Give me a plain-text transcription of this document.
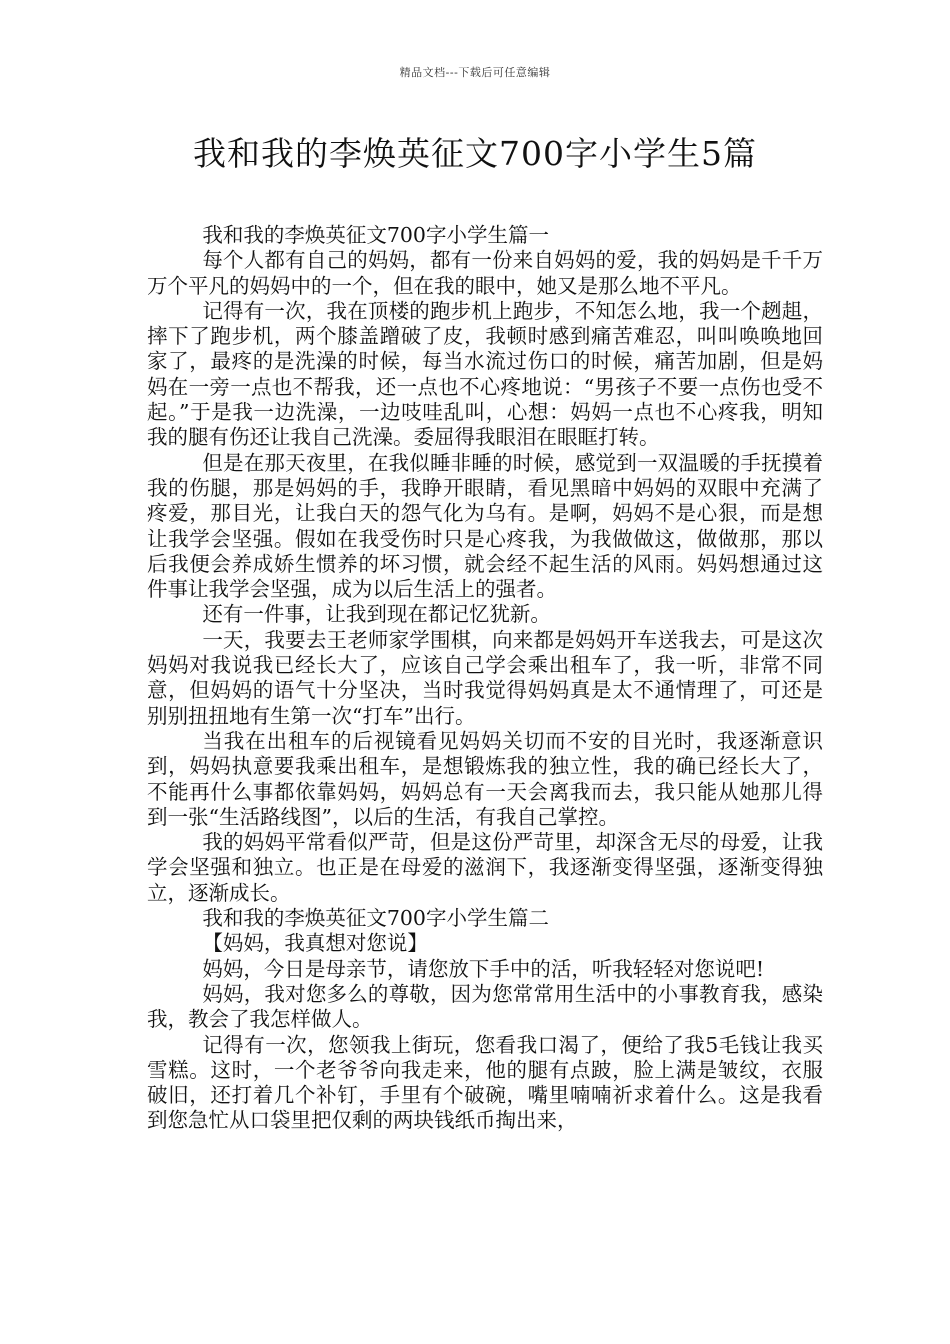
精品文档---下载后可任意编辑
我和我的李焕英征文700字小学生5篇

我和我的李焕英征文700字小学生篇一

每个人都有自己的妈妈，都有一份来自妈妈的爱，我的妈妈是千千万万个平凡的妈妈中的一个，但在我的眼中，她又是那么地不平凡。

记得有一次，我在顶楼的跑步机上跑步，不知怎么地，我一个趔趄，摔下了跑步机，两个膝盖蹭破了皮，我顿时感到痛苦难忍，叫叫唤唤地回家了，最疼的是洗澡的时候，每当水流过伤口的时候，痛苦加剧，但是妈妈在一旁一点也不帮我，还一点也不心疼地说：“男孩子不要一点伤也受不起。”于是我一边洗澡，一边吱哇乱叫，心想：妈妈一点也不心疼我，明知我的腿有伤还让我自己洗澡。委屈得我眼泪在眼眶打转。

但是在那天夜里，在我似睡非睡的时候，感觉到一双温暖的手抚摸着我的伤腿，那是妈妈的手，我睁开眼睛，看见黑暗中妈妈的双眼中充满了疼爱，那目光，让我白天的怨气化为乌有。是啊，妈妈不是心狠，而是想让我学会坚强。假如在我受伤时只是心疼我，为我做做这，做做那，那以后我便会养成娇生惯养的坏习惯，就会经不起生活的风雨。妈妈想通过这件事让我学会坚强，成为以后生活上的强者。

还有一件事，让我到现在都记忆犹新。

一天，我要去王老师家学围棋，向来都是妈妈开车送我去，可是这次妈妈对我说我已经长大了，应该自己学会乘出租车了，我一听，非常不同意，但妈妈的语气十分坚决，当时我觉得妈妈真是太不通情理了，可还是别别扭扭地有生第一次“打车”出行。

当我在出租车的后视镜看见妈妈关切而不安的目光时，我逐渐意识到，妈妈执意要我乘出租车，是想锻炼我的独立性，我的确已经长大了，不能再什么事都依靠妈妈，妈妈总有一天会离我而去，我只能从她那儿得到一张“生活路线图”，以后的生活，有我自己掌控。

我的妈妈平常看似严苛，但是这份严苛里，却深含无尽的母爱，让我学会坚强和独立。也正是在母爱的滋润下，我逐渐变得坚强，逐渐变得独立，逐渐成长。

我和我的李焕英征文700字小学生篇二

【妈妈，我真想对您说】

妈妈，今日是母亲节，请您放下手中的活，听我轻轻对您说吧!

妈妈，我对您多么的尊敬，因为您常常用生活中的小事教育我，感染我，教会了我怎样做人。

记得有一次，您领我上街玩，您看我口渴了，便给了我5毛钱让我买雪糕。这时，一个老爷爷向我走来，他的腿有点跛，脸上满是皱纹，衣服破旧，还打着几个补钉，手里有个破碗，嘴里喃喃祈求着什么。这是我看到您急忙从口袋里把仅剩的两块钱纸币掏出来，
